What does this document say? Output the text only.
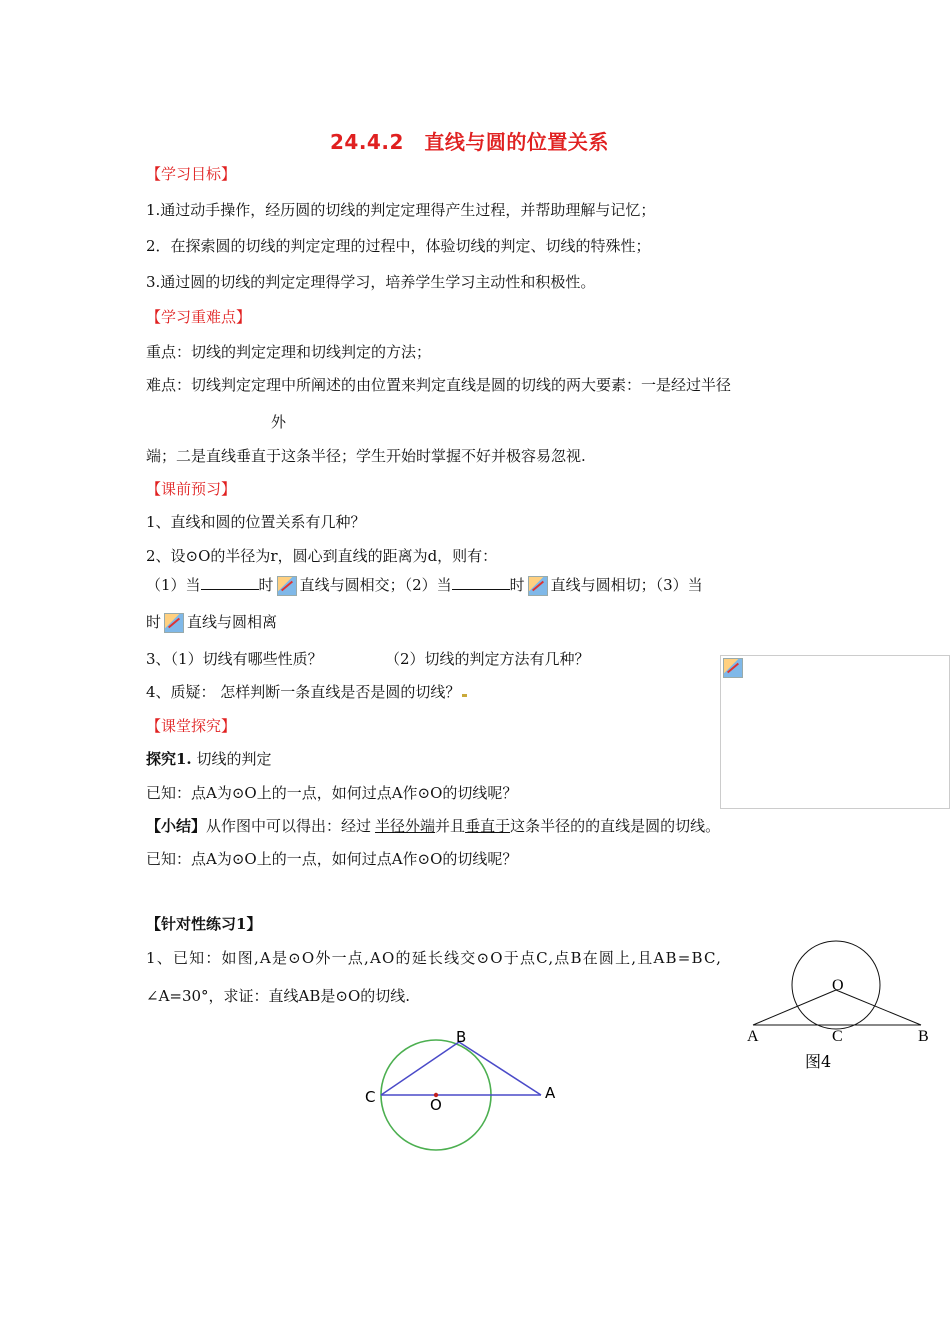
24.4.2　直线与圆的位置关系
【学习目标】
1.通过动手操作，经历圆的切线的判定定理得产生过程，并帮助理解与记忆；
2．在探索圆的切线的判定定理的过程中，体验切线的判定、切线的特殊性；
3.通过圆的切线的判定定理得学习，培养学生学习主动性和积极性。
【学习重难点】
重点：切线的判定定理和切线判定的方法；
难点：切线判定定理中所阐述的由位置来判定直线是圆的切线的两大要素：一是经过半径
外
端；二是直线垂直于这条半径；学生开始时掌握不好并极容易忽视.
【课前预习】
1、直线和圆的位置关系有几种？
2、设⊙O的半径为r，圆心到直线的距离为d，则有：
（1）当	时 直线与圆相交；（2）当	时 直线与圆相切；（3）当
时 直线与圆相离
3、（1）切线有哪些性质？	（2）切线的判定方法有几种？
4、质疑： 怎样判断一条直线是否是圆的切线？
【课堂探究】
探究1. 切线的判定
已知：点A为⊙O上的一点，如何过点A作⊙O的切线呢？
【小结】从作图中可以得出：经过 半径外端并且垂直于这条半径的的直线是圆的切线。
已知：点A为⊙O上的一点，如何过点A作⊙O的切线呢？
【针对性练习1】
1、已知：如图,A是⊙O外一点,AO的延长线交⊙O于点C,点B在圆上,且AB=BC,
∠A=30°，求证：直线AB是⊙O的切线.
O
A	C	B
图4
B
C	O
A
